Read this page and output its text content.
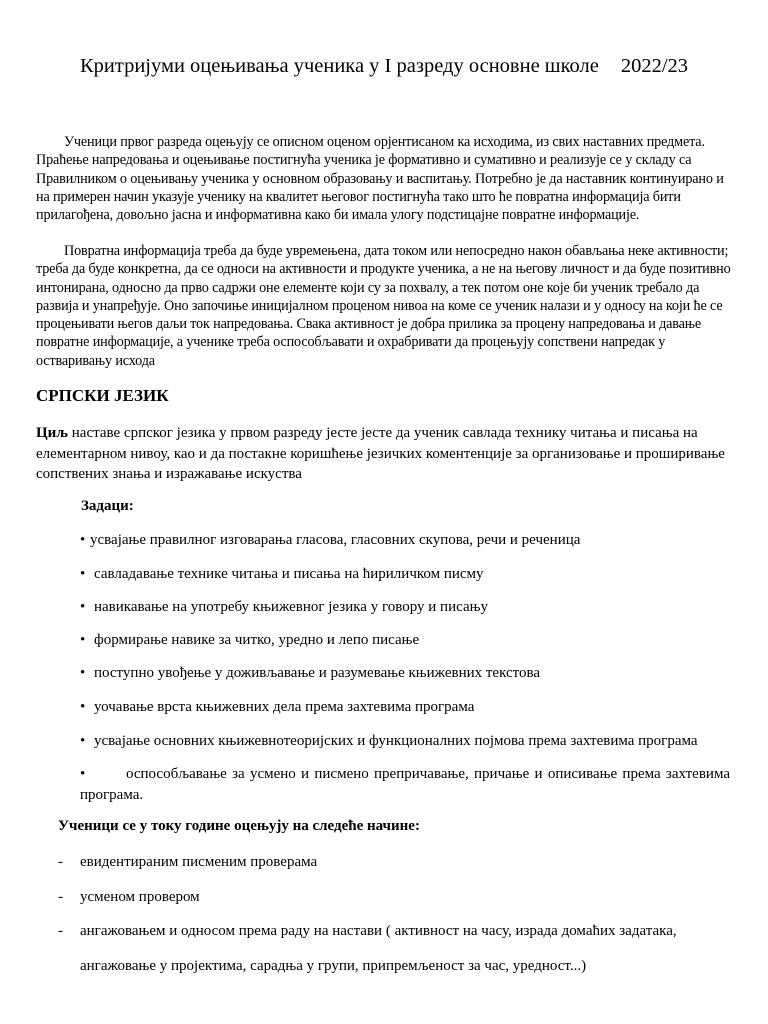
Критријуми оцењивања ученика у I разреду основне школе 2022/23

Ученици првог разреда оцењују се описном оценом орјентисаном ка исходима, из свих наставних предмета. Праћење напредовања и оцењивање постигнућа ученика је формативно и сумативно и реализује се у складу са Правилником о оцењивању ученика у основном образовању и васпитању. Потребно је да наставник континуирано и на примерен начин указује ученику на квалитет његовог постигнућа тако што ће повратна информација бити прилагођена, довољно јасна и информативна како би имала улогу подстицајне повратне информације.

Повратна информација треба да буде увремењена, дата током или непосредно након обављања неке активности; треба да буде конкретна, да се односи на активности и продукте ученика, а не на његову личност и да буде позитивно интонирана, односно да прво садржи оне елементе који су за похвалу, а тек потом оне које би ученик требало да развија и унапређује. Оно започиње иницијалном проценом нивоа на коме се ученик налази и у односу на који ће се процењивати његов даљи ток напредовања. Свака активност је добра прилика за процену напредовања и давање повратне информације, а ученике треба оспособљавати и охрабривати да процењују сопствени напредак у остваривању исхода

СРПСКИ ЈЕЗИК

Циљ наставе српског језика у првом разреду јесте јесте да ученик савлада технику читања и писања на елементарном нивоу, као и да постакне коришћење језичких коментенције за организовање и проширивање сопствених знања и изражавање искуства

Задаци:

• усвајање правилног изговарања гласова, гласовних скупова, речи и реченица

• савладавање технике читања и писања на ћириличком писму

• навикавање на употребу књижевног језика у говору и писању

• формирање навике за читко, уредно и лепо писање

• поступно увођење у доживљавање и разумевање књижевних текстова

• уочавање врста књижевних дела према захтевима програма

• усвајање основних књижевнотеоријских и функционалних појмова према захтевима програма

•	оспособљавање за усмено и писмено препричавање, причање и описивање према захтевима програма.

Ученици се у току године оцењују на следеће начине:

- евидентираним писменим проверама

- усменом провером

- ангажовањем и односом према раду на настави ( активност на часу, израда домаћих задатака,

ангажовање у пројектима, сарадња у групи, припремљеност за час, уредност...)
